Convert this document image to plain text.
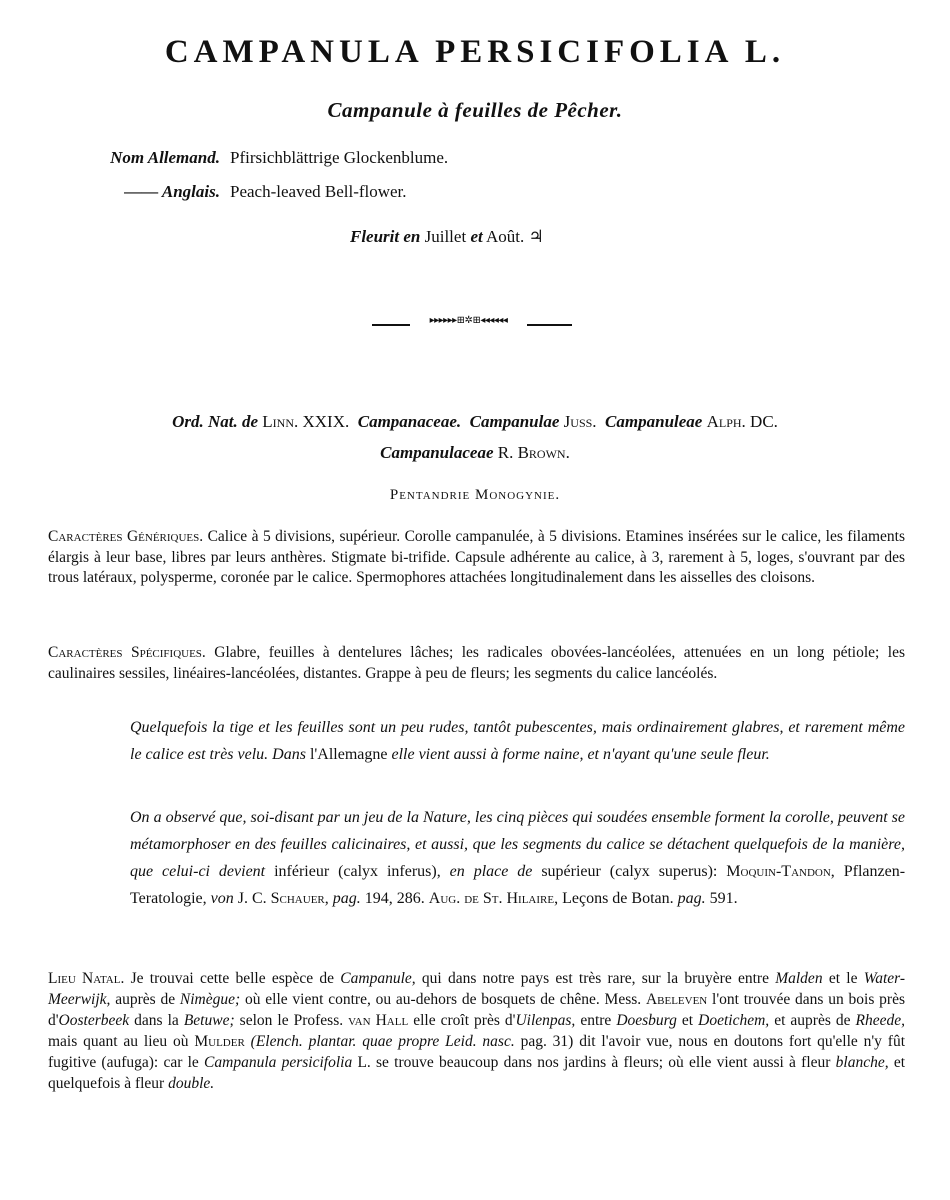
CAMPANULA PERSICIFOLIA L.
Campanule à feuilles de Pêcher.
Nom Allemand. Pfirsichblättrige Glockenblume.
—— Anglais. Peach-leaved Bell-flower.
Fleurit en Juillet et Août. ♃
▸▸▸▸▸▸⊞✲⊞◂◂◂◂◂◂
Ord. Nat. de Linn. XXIX. Campanaceae. Campanulae Juss. Campanuleae Alph. DC.
Campanulaceae R. Brown.
Pentandrie Monogynie.
Caractères Génériques. Calice à 5 divisions, supérieur. Corolle campanulée, à 5 divisions. Etamines insérées sur le calice, les filaments élargis à leur base, libres par leurs anthères. Stigmate bi-trifide. Capsule adhérente au calice, à 3, rarement à 5, loges, s'ouvrant par des trous latéraux, polysperme, coronée par le calice. Spermophores attachées longitudinalement dans les aisselles des cloisons.
Caractères Spécifiques. Glabre, feuilles à dentelures lâches; les radicales obovées-lancéolées, attenuées en un long pétiole; les caulinaires sessiles, linéaires-lancéolées, distantes. Grappe à peu de fleurs; les segments du calice lancéolés.
Quelquefois la tige et les feuilles sont un peu rudes, tantôt pubescentes, mais ordinairement glabres, et rarement même le calice est très velu. Dans l'Allemagne elle vient aussi à forme naine, et n'ayant qu'une seule fleur.
On a observé que, soi-disant par un jeu de la Nature, les cinq pièces qui soudées ensemble forment la corolle, peuvent se métamorphoser en des feuilles calicinaires, et aussi, que les segments du calice se détachent quelquefois de la manière, que celui-ci devient inférieur (calyx inferus), en place de supérieur (calyx superus): Moquin-Tandon, Pflanzen-Teratologie, von J. C. Schauer, pag. 194, 286. Aug. de St. Hilaire, Leçons de Botan. pag. 591.
Lieu Natal. Je trouvai cette belle espèce de Campanule, qui dans notre pays est très rare, sur la bruyère entre Malden et le Water-Meerwijk, auprès de Nimègue; où elle vient contre, ou au-dehors de bosquets de chêne. Mess. Abeleven l'ont trouvée dans un bois près d'Oosterbeek dans la Betuwe; selon le Profess. van Hall elle croît près d'Uilenpas, entre Doesburg et Doetichem, et auprès de Rheede, mais quant au lieu où Mulder (Elench. plantar. quae propre Leid. nasc. pag. 31) dit l'avoir vue, nous en doutons fort qu'elle n'y fût fugitive (aufuga): car le Campanula persicifolia L. se trouve beaucoup dans nos jardins à fleurs; où elle vient aussi à fleur blanche, et quelquefois à fleur double.
